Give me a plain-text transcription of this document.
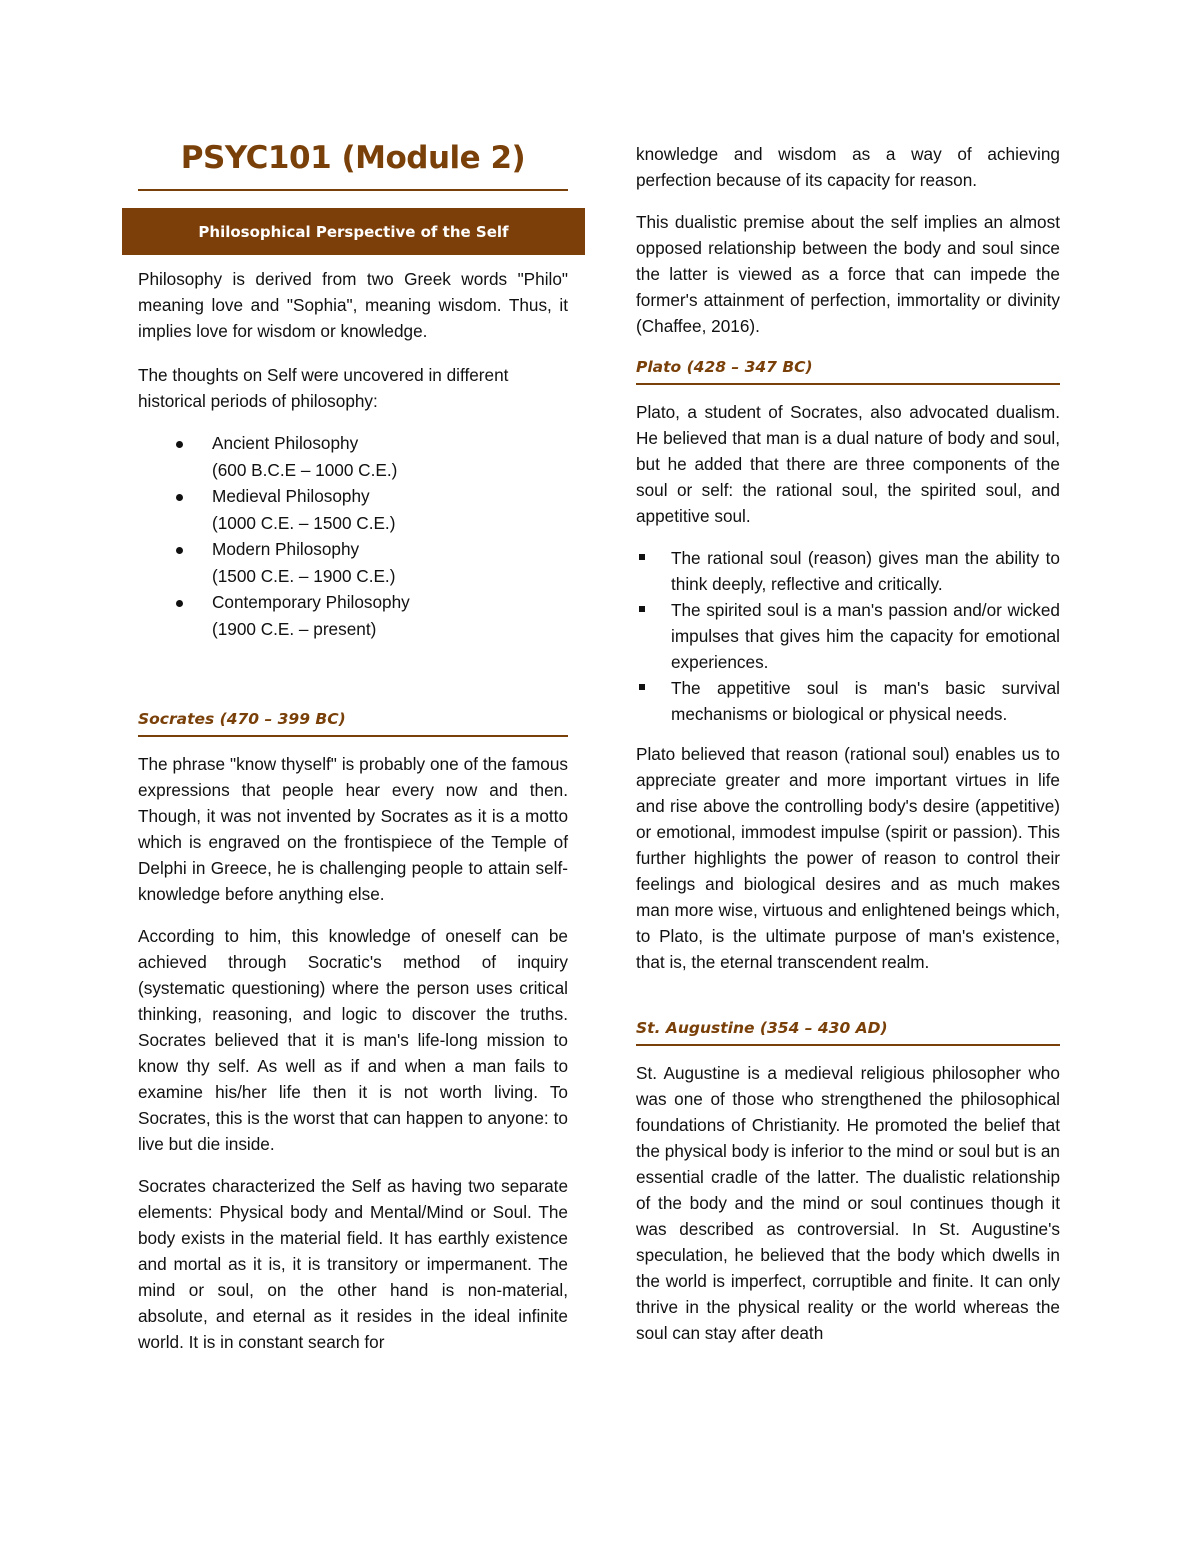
PSYC101 (Module 2)
Philosophical Perspective of the Self

Philosophy is derived from two Greek words "Philo" meaning love and "Sophia", meaning wisdom. Thus, it implies love for wisdom or knowledge.

The thoughts on Self were uncovered in different historical periods of philosophy:

Ancient Philosophy
(600 B.C.E – 1000 C.E.)
Medieval Philosophy
(1000 C.E. – 1500 C.E.)
Modern Philosophy
(1500 C.E. – 1900 C.E.)
Contemporary Philosophy
(1900 C.E. – present)
Socrates (470 – 399 BC)

The phrase "know thyself" is probably one of the famous expressions that people hear every now and then. Though, it was not invented by Socrates as it is a motto which is engraved on the frontispiece of the Temple of Delphi in Greece, he is challenging people to attain self-knowledge before anything else.

According to him, this knowledge of oneself can be achieved through Socratic's method of inquiry (systematic questioning) where the person uses critical thinking, reasoning, and logic to discover the truths. Socrates believed that it is man's life-long mission to know thy self. As well as if and when a man fails to examine his/her life then it is not worth living. To Socrates, this is the worst that can happen to anyone: to live but die inside.

Socrates characterized the Self as having two separate elements: Physical body and Mental/Mind or Soul. The body exists in the material field. It has earthly existence and mortal as it is, it is transitory or impermanent. The mind or soul, on the other hand is non-material, absolute, and eternal as it resides in the ideal infinite world. It is in constant search for

knowledge and wisdom as a way of achieving perfection because of its capacity for reason.

This dualistic premise about the self implies an almost opposed relationship between the body and soul since the latter is viewed as a force that can impede the former's attainment of perfection, immortality or divinity (Chaffee, 2016).

Plato (428 – 347 BC)

Plato, a student of Socrates, also advocated dualism. He believed that man is a dual nature of body and soul, but he added that there are three components of the soul or self: the rational soul, the spirited soul, and appetitive soul.

The rational soul (reason) gives man the ability to think deeply, reflective and critically.
The spirited soul is a man's passion and/or wicked impulses that gives him the capacity for emotional experiences.
The appetitive soul is man's basic survival mechanisms or biological or physical needs.

Plato believed that reason (rational soul) enables us to appreciate greater and more important virtues in life and rise above the controlling body's desire (appetitive) or emotional, immodest impulse (spirit or passion). This further highlights the power of reason to control their feelings and biological desires and as much makes man more wise, virtuous and enlightened beings which, to Plato, is the ultimate purpose of man's existence, that is, the eternal transcendent realm.

St. Augustine (354 – 430 AD)

St. Augustine is a medieval religious philosopher who was one of those who strengthened the philosophical foundations of Christianity. He promoted the belief that the physical body is inferior to the mind or soul but is an essential cradle of the latter. The dualistic relationship of the body and the mind or soul continues though it was described as controversial. In St. Augustine's speculation, he believed that the body which dwells in the world is imperfect, corruptible and finite. It can only thrive in the physical reality or the world whereas the soul can stay after death
